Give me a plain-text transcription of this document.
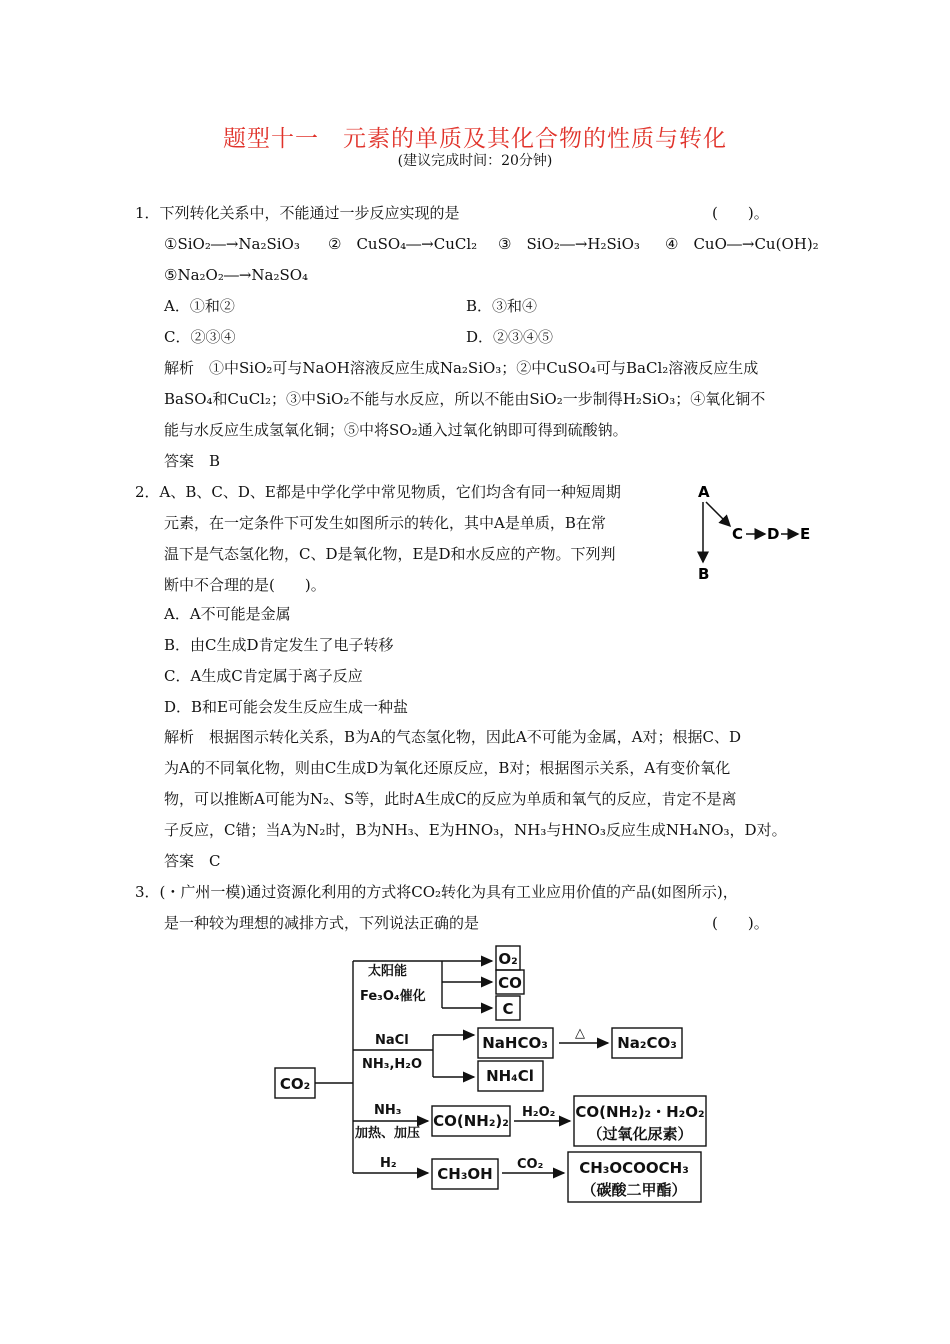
题型十一　元素的单质及其化合物的性质与转化
(建议完成时间：20分钟)
1．下列转化关系中，不能通过一步反应实现的是	(　　)。
①SiO₂―→Na₂SiO₃ ②　CuSO₄―→CuCl₂ ③　SiO₂―→H₂SiO₃ ④　CuO―→Cu(OH)₂
⑤Na₂O₂―→Na₂SO₄
A．①和②	B．③和④
C．②③④	D．②③④⑤
解析　①中SiO₂可与NaOH溶液反应生成Na₂SiO₃；②中CuSO₄可与BaCl₂溶液反应生成
BaSO₄和CuCl₂；③中SiO₂不能与水反应，所以不能由SiO₂一步制得H₂SiO₃；④氧化铜不
能与水反应生成氢氧化铜；⑤中将SO₂通入过氧化钠即可得到硫酸钠。
答案　B
2．A、B、C、D、E都是中学化学中常见物质，它们均含有同一种短周期
元素，在一定条件下可发生如图所示的转化，其中A是单质，B在常
温下是气态氢化物，C、D是氧化物，E是D和水反应的产物。下列判
断中不合理的是(　　)。
A
B
C D E
A．A不可能是金属
B．由C生成D肯定发生了电子转移
C．A生成C肯定属于离子反应
D．B和E可能会发生反应生成一种盐
解析　根据图示转化关系，B为A的气态氢化物，因此A不可能为金属，A对；根据C、D
为A的不同氧化物，则由C生成D为氧化还原反应，B对；根据图示关系，A有变价氧化
物，可以推断A可能为N₂、S等，此时A生成C的反应为单质和氧气的反应，肯定不是离
子反应，C错；当A为N₂时，B为NH₃、E为HNO₃，NH₃与HNO₃反应生成NH₄NO₃，D对。
答案　C
3．(・广州一模)通过资源化利用的方式将CO₂转化为具有工业应用价值的产品(如图所示)，
是一种较为理想的减排方式，下列说法正确的是	(　　)。
CO₂
O₂
CO
C
NaHCO₃	Na₂CO₃
NH₄Cl
CO(NH₂)₂	CO(NH₂)₂・H₂O₂
（过氧化尿素）
CH₃OH	CH₃OCOOCH₃
（碳酸二甲酯）
太阳能
Fe₃O₄催化
NaCl
NH₃,H₂O
△
NH₃
加热、加压
H₂O₂
H₂	CO₂
